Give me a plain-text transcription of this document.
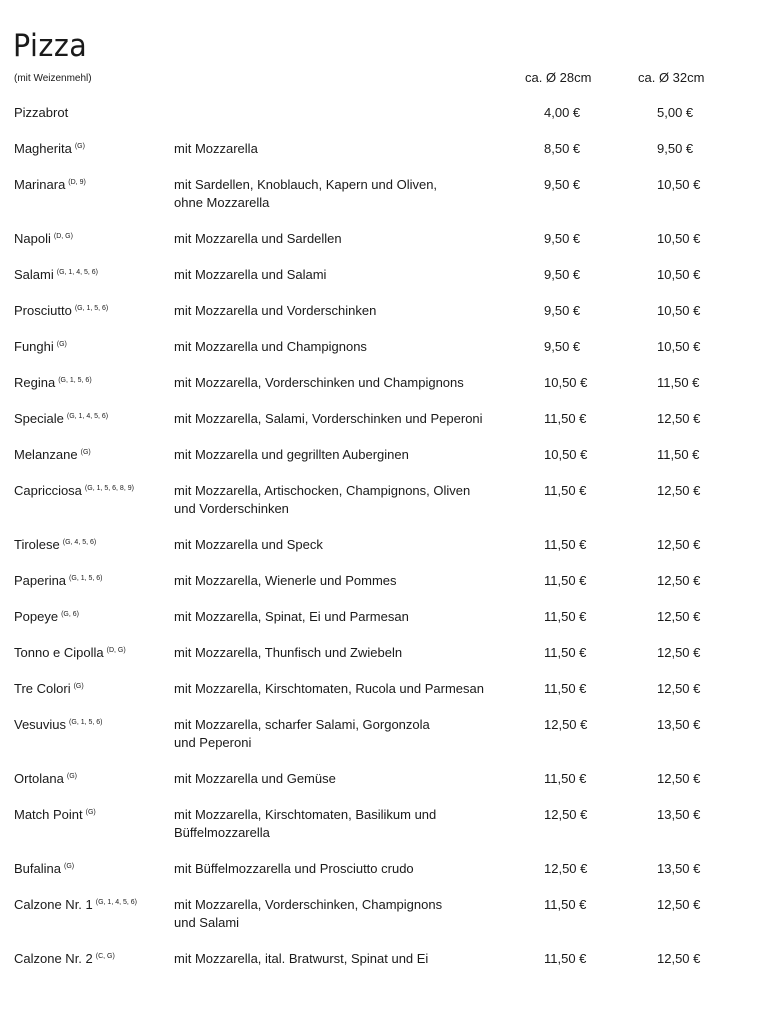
Pizza
(mit Weizenmehl)	ca. Ø 28cm	ca. Ø 32cm
Pizzabrot	4,00 €	5,00 €
Magherita $^{(G)}$	mit Mozzarella	8,50 €	9,50 €
Marinara $^{(D, 9)}$	mit Sardellen, Knoblauch, Kapern und Oliven,
ohne Mozzarella
9,50 €	10,50 €
Napoli $^{(D, G)}$	mit Mozzarella und Sardellen	9,50 €	10,50 €
Salami $^{(G, 1, 4, 5, 6)}$	mit Mozzarella und Salami	9,50 €	10,50 €
Prosciutto $^{(G, 1, 5, 6)}$	mit Mozzarella und Vorderschinken	9,50 €	10,50 €
Funghi $^{(G)}$	mit Mozzarella und Champignons	9,50 €	10,50 €
Regina $^{(G, 1, 5, 6)}$	mit Mozzarella, Vorderschinken und Champignons	10,50 €	11,50 €
Speciale $^{(G, 1, 4, 5, 6)}$	mit Mozzarella, Salami, Vorderschinken und Peperoni	11,50 €	12,50 €
Melanzane $^{(G)}$	mit Mozzarella und gegrillten Auberginen	10,50 €	11,50 €
Capricciosa $^{(G, 1, 5, 6, 8, 9)}$	mit Mozzarella, Artischocken, Champignons, Oliven
und Vorderschinken
11,50 €	12,50 €
Tirolese $^{(G, 4, 5, 6)}$	mit Mozzarella und Speck	11,50 €	12,50 €
Paperina $^{(G, 1, 5, 6)}$	mit Mozzarella, Wienerle und Pommes	11,50 €	12,50 €
Popeye $^{(G, 6)}$	mit Mozzarella, Spinat, Ei und Parmesan	11,50 €	12,50 €
Tonno e Cipolla $^{(D, G)}$	mit Mozzarella, Thunfisch und Zwiebeln	11,50 €	12,50 €
Tre Colori $^{(G)}$	mit Mozzarella, Kirschtomaten, Rucola und Parmesan	11,50 €	12,50 €
Vesuvius $^{(G, 1, 5, 6)}$	mit Mozzarella, scharfer Salami, Gorgonzola
und Peperoni
12,50 €	13,50 €
Ortolana $^{(G)}$	mit Mozzarella und Gemüse	11,50 €	12,50 €
Match Point $^{(G)}$	mit Mozzarella, Kirschtomaten, Basilikum und
Büffelmozzarella
12,50 €	13,50 €
Bufalina $^{(G)}$	mit Büffelmozzarella und Prosciutto crudo	12,50 €	13,50 €
Calzone Nr. 1 $^{(G, 1, 4, 5, 6)}$	mit Mozzarella, Vorderschinken, Champignons
und Salami
11,50 €	12,50 €
Calzone Nr. 2 $^{(C, G)}$	mit Mozzarella, ital. Bratwurst, Spinat und Ei	11,50 €	12,50 €
